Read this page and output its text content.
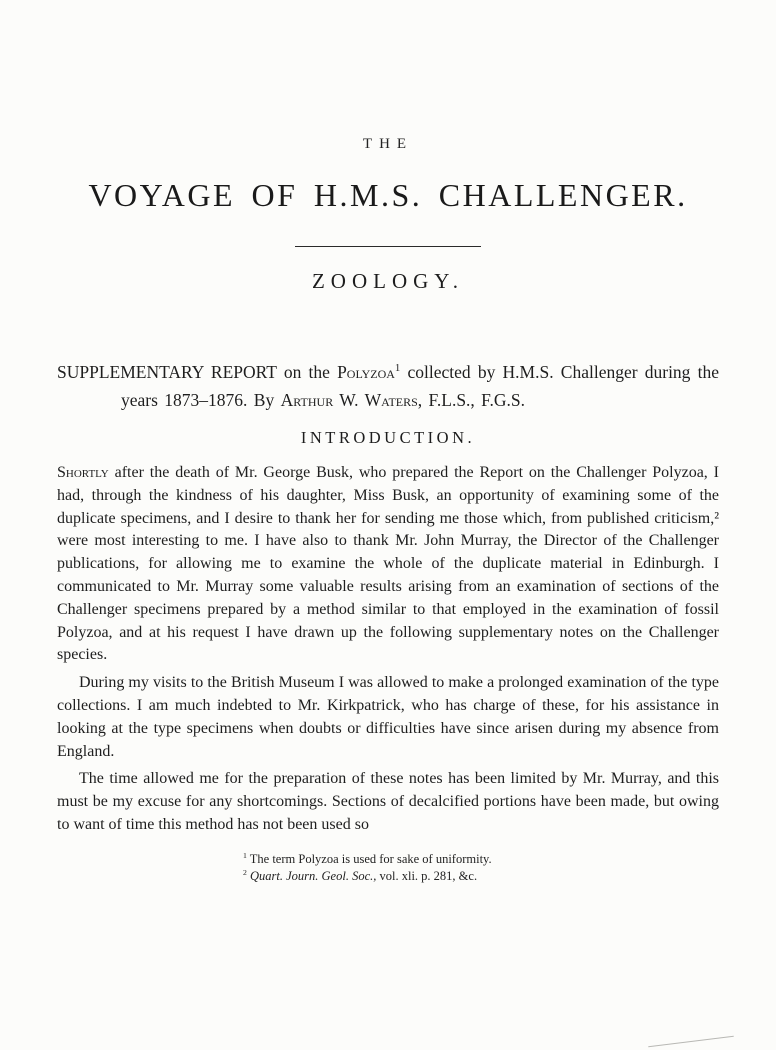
THE
VOYAGE OF H.M.S. CHALLENGER.
ZOOLOGY.

SUPPLEMENTARY REPORT on the Polyzoa$^1$ collected by H.M.S. Challenger during the years 1873–1876. By Arthur W. Waters, F.L.S., F.G.S.

INTRODUCTION.

Shortly after the death of Mr. George Busk, who prepared the Report on the Challenger Polyzoa, I had, through the kindness of his daughter, Miss Busk, an opportunity of examining some of the duplicate specimens, and I desire to thank her for sending me those which, from published criticism,² were most interesting to me. I have also to thank Mr. John Murray, the Director of the Challenger publications, for allowing me to examine the whole of the duplicate material in Edinburgh. I communicated to Mr. Murray some valuable results arising from an examination of sections of the Challenger specimens prepared by a method similar to that employed in the examination of fossil Polyzoa, and at his request I have drawn up the following supplementary notes on the Challenger species.

During my visits to the British Museum I was allowed to make a prolonged examination of the type collections. I am much indebted to Mr. Kirkpatrick, who has charge of these, for his assistance in looking at the type specimens when doubts or difficulties have since arisen during my absence from England.

The time allowed me for the preparation of these notes has been limited by Mr. Murray, and this must be my excuse for any shortcomings. Sections of decalcified portions have been made, but owing to want of time this method has not been used so

$^1$ The term Polyzoa is used for sake of uniformity.
$^2$ Quart. Journ. Geol. Soc., vol. xli. p. 281, &c.
